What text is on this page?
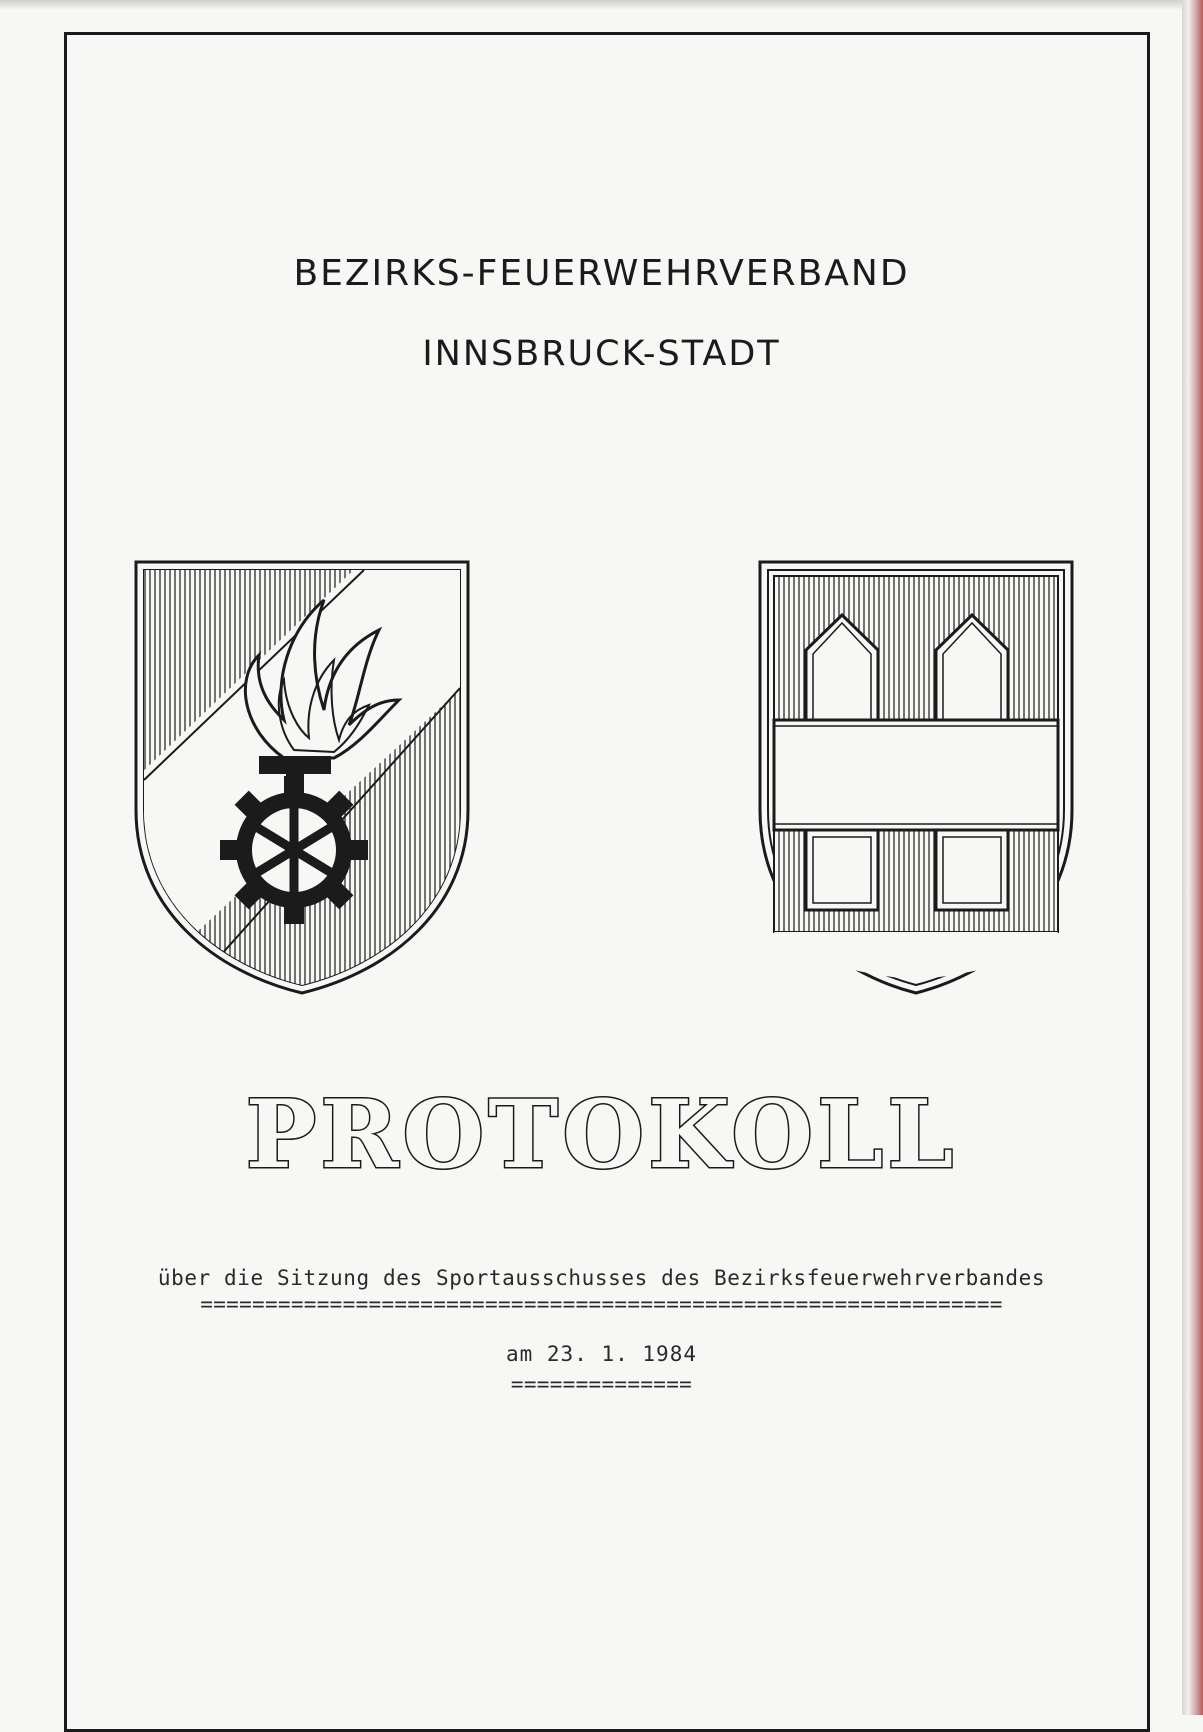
BEZIRKS-FEUERWEHRVERBAND
INNSBRUCK-STADT
PROTOKOLL
über die Sitzung des Sportausschusses des Bezirksfeuerwehrverbandes
==============================================================
am 23. 1. 1984
==============
